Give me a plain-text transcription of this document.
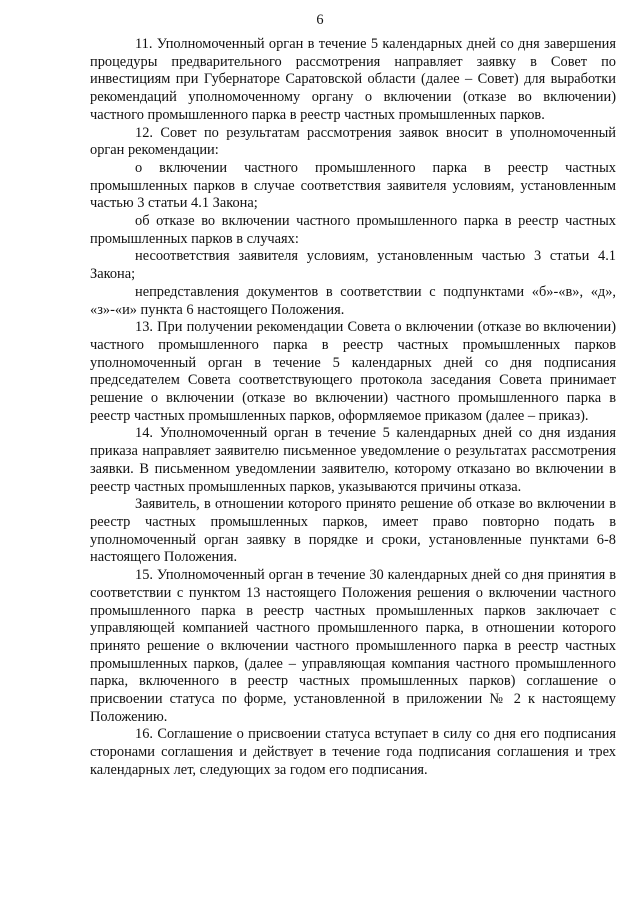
6

11. Уполномоченный орган в течение 5 календарных дней со дня завершения процедуры предварительного рассмотрения направляет заявку в Совет по инвестициям при Губернаторе Саратовской области (далее – Совет) для выработки рекомендаций уполномоченному органу о включении (отказе во включении) частного промышленного парка в реестр частных промышленных парков.

12. Совет по результатам рассмотрения заявок вносит в уполномоченный орган рекомендации:

о включении частного промышленного парка в реестр частных промышленных парков в случае соответствия заявителя условиям, установленным частью 3 статьи 4.1 Закона;

об отказе во включении частного промышленного парка в реестр частных промышленных парков в случаях:

несоответствия заявителя условиям, установленным частью 3 статьи 4.1 Закона;

непредставления документов в соответствии с подпунктами «б»-«в», «д», «з»-«и» пункта 6 настоящего Положения.

13. При получении рекомендации Совета о включении (отказе во включении) частного промышленного парка в реестр частных промышленных парков уполномоченный орган в течение 5 календарных дней со дня подписания председателем Совета соответствующего протокола заседания Совета принимает решение о включении (отказе во включении) частного промышленного парка в реестр частных промышленных парков, оформляемое приказом (далее – приказ).

14. Уполномоченный орган в течение 5 календарных дней со дня издания приказа направляет заявителю письменное уведомление о результатах рассмотрения заявки. В письменном уведомлении заявителю, которому отказано во включении в реестр частных промышленных парков, указываются причины отказа.

Заявитель, в отношении которого принято решение об отказе во включении в реестр частных промышленных парков, имеет право повторно подать в уполномоченный орган заявку в порядке и сроки, установленные пунктами 6-8 настоящего Положения.

15. Уполномоченный орган в течение 30 календарных дней со дня принятия в соответствии с пунктом 13 настоящего Положения решения о включении частного промышленного парка в реестр частных промышленных парков заключает с управляющей компанией частного промышленного парка, в отношении которого принято решение о включении частного промышленного парка в реестр частных промышленных парков, (далее – управляющая компания частного промышленного парка, включенного в реестр частных промышленных парков) соглашение о присвоении статуса по форме, установленной в приложении № 2 к настоящему Положению.

16. Соглашение о присвоении статуса вступает в силу со дня его подписания сторонами соглашения и действует в течение года подписания соглашения и трех календарных лет, следующих за годом его подписания.
